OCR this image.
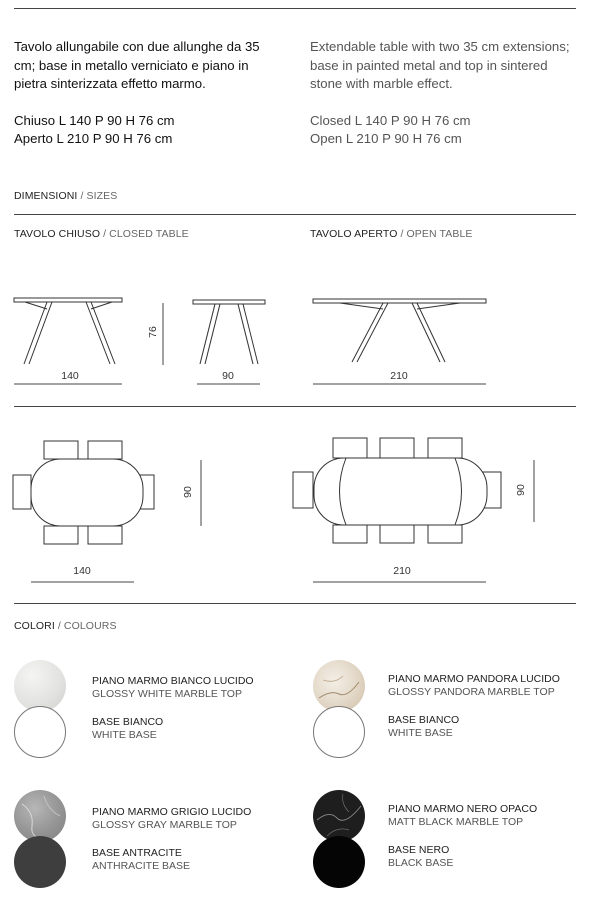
Tavolo allungabile con due allunghe da 35 cm; base in metallo verniciato e piano in pietra sinterizzata effetto marmo.
Chiuso L 140 P 90 H 76 cm
Aperto L 210 P 90 H 76 cm
Extendable table with two 35 cm extensions; base in painted metal and top in sintered stone with marble effect.
Closed L 140 P 90 H 76 cm
Open L 210 P 90 H 76 cm
DIMENSIONI / SIZES
TAVOLO CHIUSO / CLOSED TABLE	TAVOLO APERTO / OPEN TABLE
140	90	210
76
140	210
90	90
COLORI / COLOURS
PIANO MARMO BIANCO LUCIDO
GLOSSY WHITE MARBLE TOP
BASE BIANCO
WHITE BASE
PIANO MARMO PANDORA LUCIDO
GLOSSY PANDORA MARBLE TOP
BASE BIANCO
WHITE BASE
PIANO MARMO GRIGIO LUCIDO
GLOSSY GRAY MARBLE TOP
BASE ANTRACITE
ANTHRACITE BASE
PIANO MARMO NERO OPACO
MATT BLACK MARBLE TOP
BASE NERO
BLACK BASE
